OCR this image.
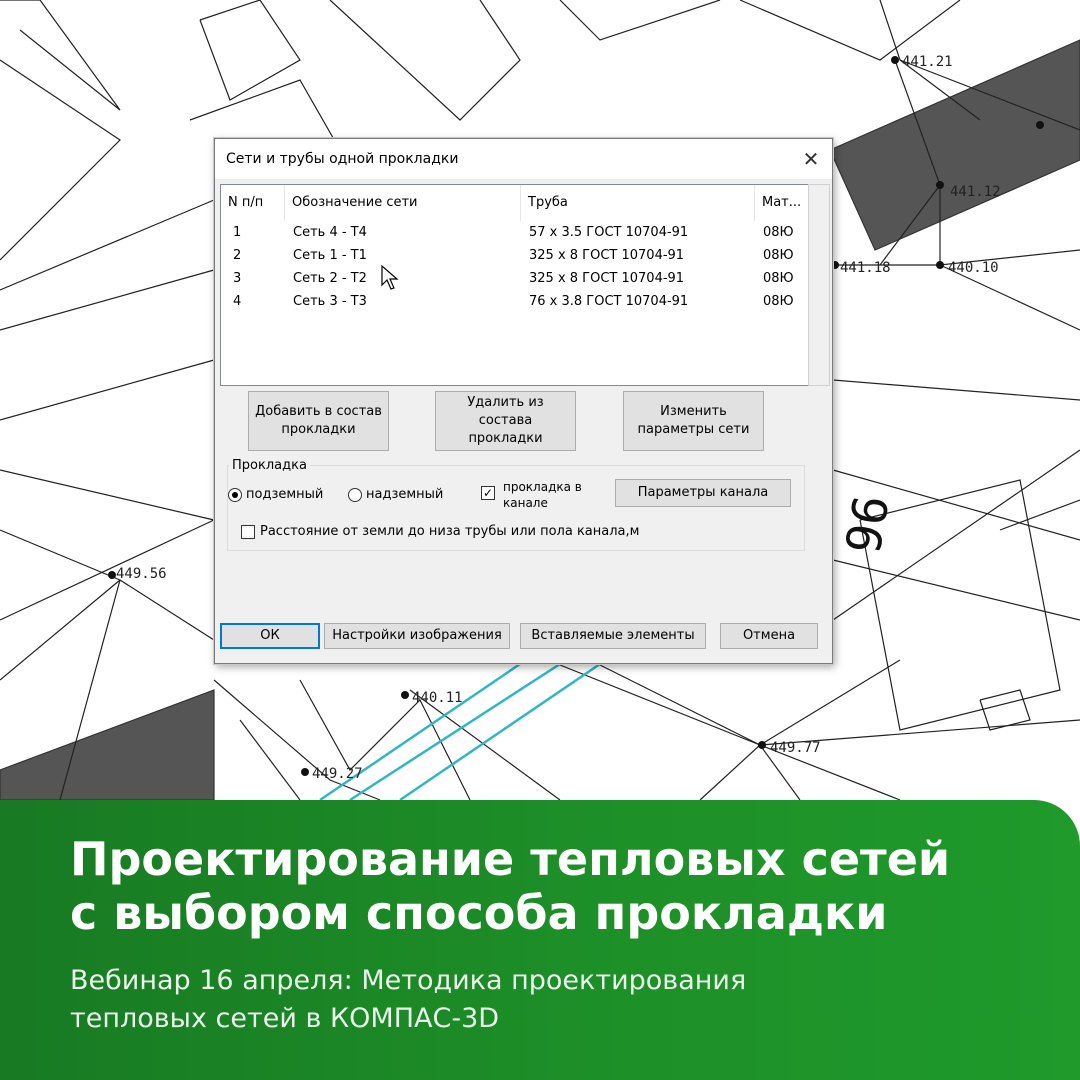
441.21
441.12
441.18	440.10
449.56
440.11
449.77
449.27
96
Сети и трубы одной прокладки	✕
N п/п	Обозначение сети	Труба	Мат...
1	Сеть 4 - Т4	57 х 3.5 ГОСТ 10704-91	08Ю
2	Сеть 1 - Т1	325 х 8 ГОСТ 10704-91	08Ю
3	Сеть 2 - Т2	325 х 8 ГОСТ 10704-91	08Ю
4	Сеть 3 - Т3	76 х 3.8 ГОСТ 10704-91	08Ю
Добавить в состав
прокладки
Удалить из
состава прокладки
Изменить
параметры сети
Прокладка
подземный	надземный	✓ прокладка в
канале
Параметры канала
Расстояние от земли до низа трубы или пола канала,м
ОК	Настройки изображения	Вставляемые элементы	Отмена
Проектирование тепловых сетей
с выбором способа прокладки
Вебинар 16 апреля: Методика проектирования
тепловых сетей в КОМПАС-3D
